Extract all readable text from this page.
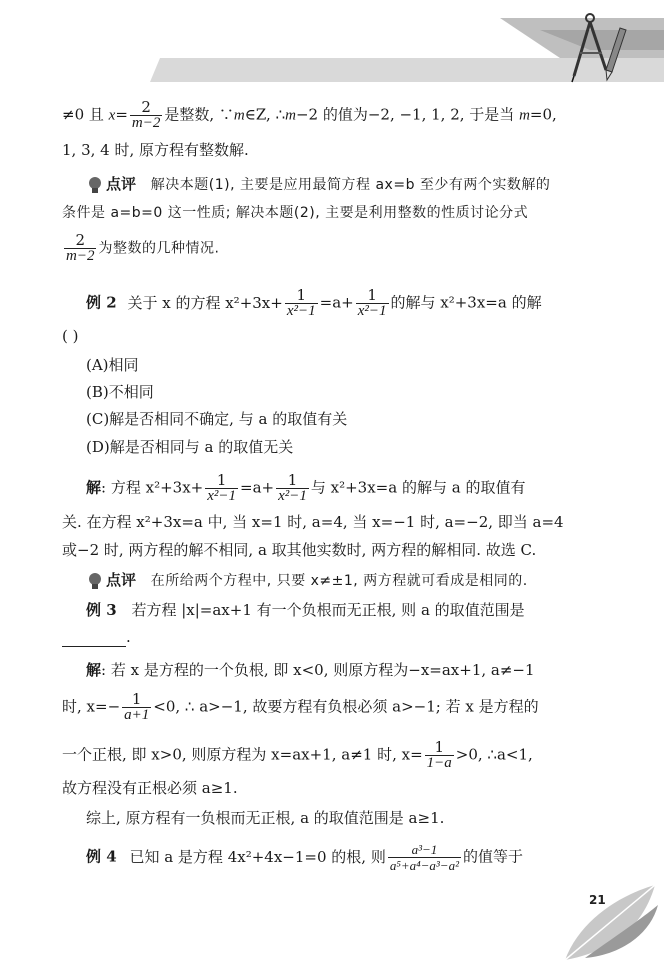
≠0 且 $x= \frac{2}{m-2}$ 是整数, ∵m∈Z, ∴m−2 的值为−2, −1, 1, 2, 于是当 m=0,
1, 3, 4 时, 原方程有整数解.
点评 解决本题(1), 主要是应用最简方程 ax=b 至少有两个实数解的
条件是 a=b=0 这一性质; 解决本题(2), 主要是利用整数的性质讨论分式
$\frac{2}{m-2}$ 为整数的几种情况.
例 2 关于 x 的方程 $x^2+3x+ \frac{1}{\text{x²−1}} =a+ \frac{1}{\text{x²−1}}$ 的解与 x²+3x=a 的解
( )
(A)相同
(B)不相同
(C)解是否相同不确定, 与 a 的取值有关
(D)解是否相同与 a 的取值无关
解: 方程 $x^2+3x+ \frac{1}{\text{x²−1}} =a+ \frac{1}{\text{x²−1}}$ 与 x²+3x=a 的解与 a 的取值有
关. 在方程 x²+3x=a 中, 当 x=1 时, a=4, 当 x=−1 时, a=−2, 即当 a=4
或−2 时, 两方程的解不相同, a 取其他实数时, 两方程的解相同. 故选 C.
点评 在所给两个方程中, 只要 x≠±1, 两方程就可看成是相同的.
例 3 若方程 |x|=ax+1 有一个负根而无正根, 则 a 的取值范围是
.
解: 若 x 是方程的一个负根, 即 x<0, 则原方程为−x=ax+1, a≠−1
时, $x=- \frac{1}{a+1} <0$, ∴ a>−1, 故要方程有负根必须 a>−1; 若 x 是方程的
一个正根, 即 x>0, 则原方程为 x=ax+1, a≠1 时, $x= \frac{1}{1-a} >0$, ∴a<1,
故方程没有正根必须 a≥1.
综上, 原方程有一负根而无正根, a 的取值范围是 a≥1.
例 4 已知 a 是方程 4x²+4x−1=0 的根, 则 $\frac{\text{a³−1}}{\text{a⁵+a⁴−a³−a²}}$ 的值等于
21
